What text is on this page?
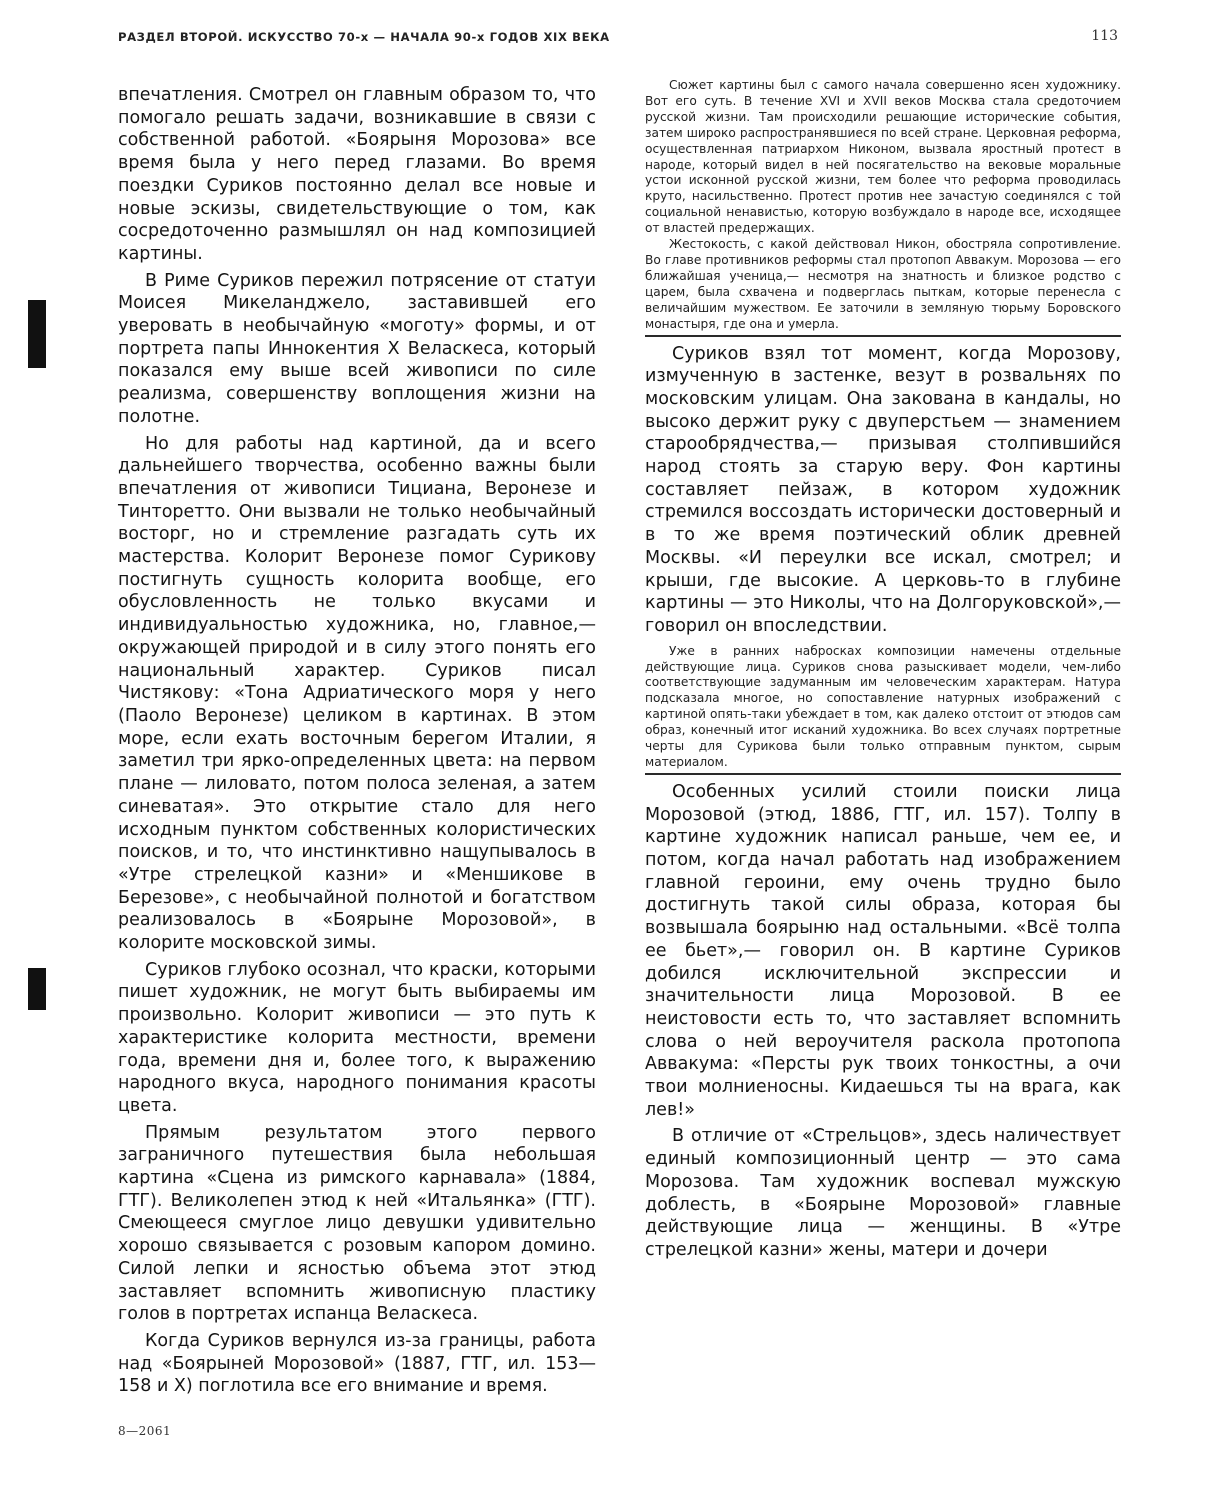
РАЗДЕЛ ВТОРОЙ. ИСКУССТВО 70-х — НАЧАЛА 90-х ГОДОВ XIX ВЕКА	113

впечатления. Смотрел он главным образом то, что помогало решать задачи, возникавшие в связи с собственной работой. «Боярыня Морозова» все время была у него перед глазами. Во время поездки Суриков постоянно делал все новые и новые эскизы, свидетельствующие о том, как сосредоточенно размышлял он над композицией картины.

В Риме Суриков пережил потрясение от статуи Моисея Микеланджело, заставившей его уверовать в необычайную «моготу» формы, и от портрета папы Иннокентия X Веласкеса, который показался ему выше всей живописи по силе реализма, совершенству воплощения жизни на полотне.

Но для работы над картиной, да и всего дальнейшего творчества, особенно важны были впечатления от живописи Тициана, Веронезе и Тинторетто. Они вызвали не только необычайный восторг, но и стремление разгадать суть их мастерства. Колорит Веронезе помог Сурикову постигнуть сущность колорита вообще, его обусловленность не только вкусами и индивидуальностью художника, но, главное,— окружающей природой и в силу этого понять его национальный характер. Суриков писал Чистякову: «Тона Адриатического моря у него (Паоло Веронезе) целиком в картинах. В этом море, если ехать восточным берегом Италии, я заметил три ярко-определенных цвета: на первом плане — лиловато, потом полоса зеленая, а затем синеватая». Это открытие стало для него исходным пунктом собственных колористических поисков, и то, что инстинктивно нащупывалось в «Утре стрелецкой казни» и «Меншикове в Березове», с необычайной полнотой и богатством реализовалось в «Боярыне Морозовой», в колорите московской зимы.

Суриков глубоко осознал, что краски, которыми пишет художник, не могут быть выбираемы им произвольно. Колорит живописи — это путь к характеристике колорита местности, времени года, времени дня и, более того, к выражению народного вкуса, народного понимания красоты цвета.

Прямым результатом этого первого заграничного путешествия была небольшая картина «Сцена из римского карнавала» (1884, ГТГ). Великолепен этюд к ней «Итальянка» (ГТГ). Смеющееся смуглое лицо девушки удивительно хорошо связывается с розовым капором домино. Силой лепки и ясностью объема этот этюд заставляет вспомнить живописную пластику голов в портретах испанца Веласкеса.

Когда Суриков вернулся из-за границы, работа над «Боярыней Морозовой» (1887, ГТГ, ил. 153—158 и X) поглотила все его внимание и время.

Сюжет картины был с самого начала совершенно ясен художнику. Вот его суть. В течение XVI и XVII веков Москва стала средоточием русской жизни. Там происходили решающие исторические события, затем широко распространявшиеся по всей стране. Церковная реформа, осуществленная патриархом Никоном, вызвала яростный протест в народе, который видел в ней посягательство на вековые моральные устои исконной русской жизни, тем более что реформа проводилась круто, насильственно. Протест против нее зачастую соединялся с той социальной ненавистью, которую возбуждало в народе все, исходящее от властей предержащих.

Жестокость, с какой действовал Никон, обостряла сопротивление. Во главе противников реформы стал протопоп Аввакум. Морозова — его ближайшая ученица,— несмотря на знатность и близкое родство с царем, была схвачена и подверглась пыткам, которые перенесла с величайшим мужеством. Ее заточили в земляную тюрьму Боровского монастыря, где она и умерла.

Суриков взял тот момент, когда Морозову, измученную в застенке, везут в розвальнях по московским улицам. Она закована в кандалы, но высоко держит руку с двуперстьем — знамением старообрядчества,— призывая столпившийся народ стоять за старую веру. Фон картины составляет пейзаж, в котором художник стремился воссоздать исторически достоверный и в то же время поэтический облик древней Москвы. «И переулки все искал, смотрел; и крыши, где высокие. А церковь-то в глубине картины — это Николы, что на Долгоруковской»,— говорил он впоследствии.

Уже в ранних набросках композиции намечены отдельные действующие лица. Суриков снова разыскивает модели, чем-либо соответствующие задуманным им человеческим характерам. Натура подсказала многое, но сопоставление натурных изображений с картиной опять-таки убеждает в том, как далеко отстоит от этюдов сам образ, конечный итог исканий художника. Во всех случаях портретные черты для Сурикова были только отправным пунктом, сырым материалом.

Особенных усилий стоили поиски лица Морозовой (этюд, 1886, ГТГ, ил. 157). Толпу в картине художник написал раньше, чем ее, и потом, когда начал работать над изображением главной героини, ему очень трудно было достигнуть такой силы образа, которая бы возвышала боярыню над остальными. «Всё толпа ее бьет»,— говорил он. В картине Суриков добился исключительной экспрессии и значительности лица Морозовой. В ее неистовости есть то, что заставляет вспомнить слова о ней вероучителя раскола протопопа Аввакума: «Персты рук твоих тонкостны, а очи твои молниеносны. Кидаешься ты на врага, как лев!»

В отличие от «Стрельцов», здесь наличествует единый композиционный центр — это сама Морозова. Там художник воспевал мужскую доблесть, в «Боярыне Морозовой» главные действующие лица — женщины. В «Утре стрелецкой казни» жены, матери и дочери

8—2061
